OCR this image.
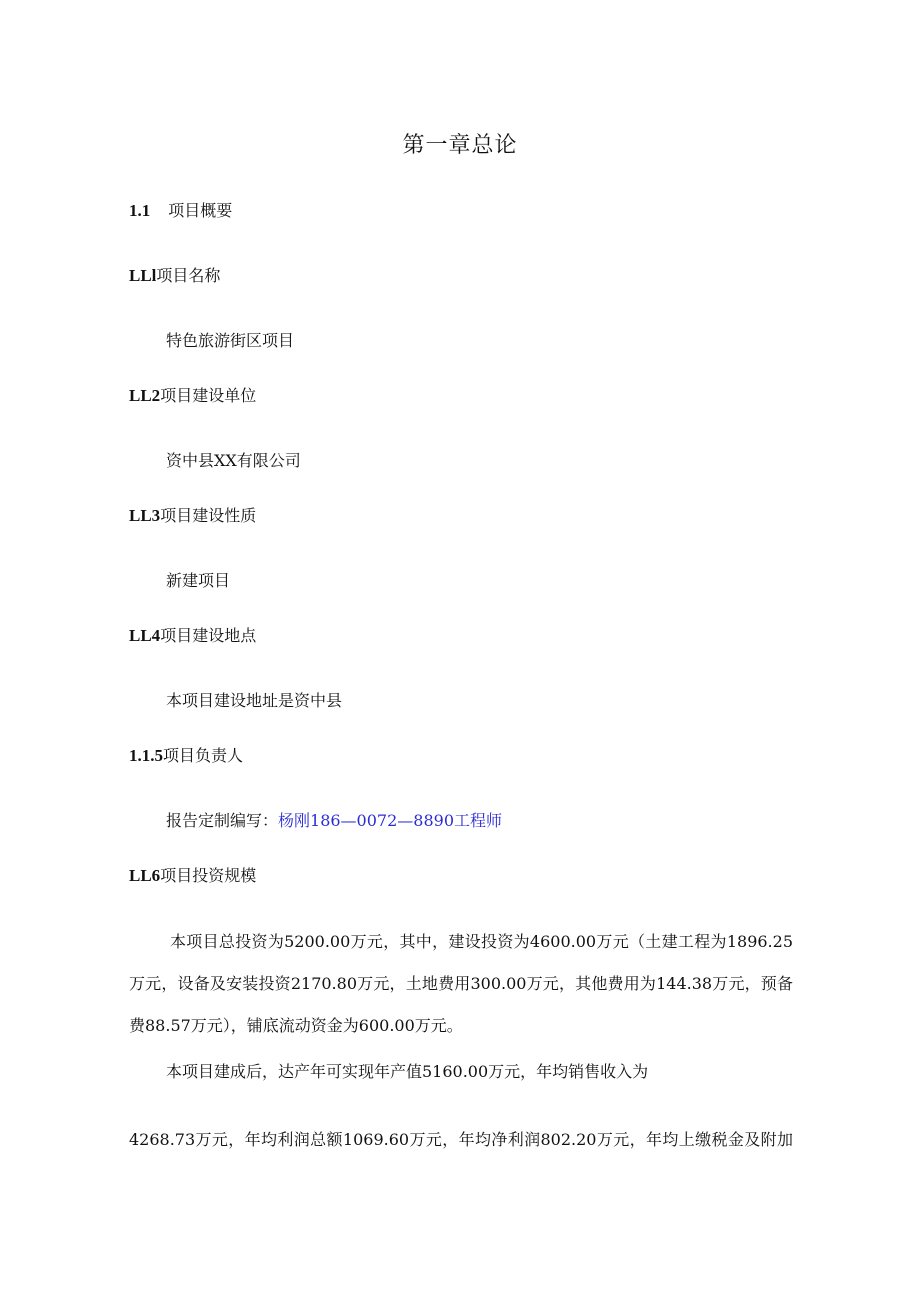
第一章总论
1.1 项目概要
LLl项目名称
特色旅游街区项目
LL2项目建设单位
资中县XX有限公司
LL3项目建设性质
新建项目
LL4项目建设地点
本项目建设地址是资中县
1.1.5项目负责人
报告定制编写：杨刚186—0072—8890工程师
LL6项目投资规模
本项目总投资为5200.00万元，其中，建设投资为4600.00万元（土建工程为1896.25
万元，设备及安装投资2170.80万元，土地费用300.00万元，其他费用为144.38万元，预备
费88.57万元），铺底流动资金为600.00万元。
本项目建成后，达产年可实现年产值5160.00万元，年均销售收入为
4268.73万元，年均利润总额1069.60万元，年均净利润802.20万元，年均上缴税金及附加
